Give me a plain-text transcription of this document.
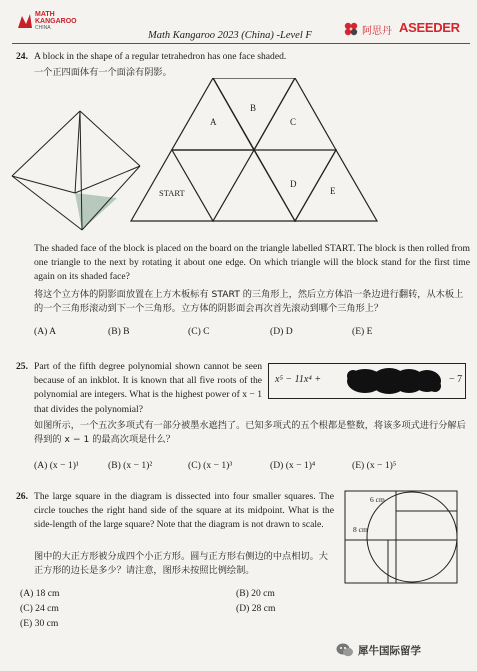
MATH
KANGAROO
CHINA
Math Kangaroo 2023 (China) -Level F	阿思丹 ASEEDER
24. A block in the shape of a regular tetrahedron has one face shaded.
一个正四面体有一个面涂有阴影。
A
B
C
D
E
START
The shaded face of the block is placed on the board on the triangle labelled START. The block is then rolled from one triangle to the next by rotating it about one edge. On which triangle will the block stand for the first time again on its shaded face?
将这个立方体的阴影面放置在上方木板标有 START 的三角形上，然后立方体沿一条边进行翻转，从木板上的一个三角形滚动到下一个三角形。立方体的阴影面会再次首先滚动到哪个三角形上？
(A) A	(B) B	(C) C	(D) D	(E) E
25. Part of the fifth degree polynomial shown cannot be seen because of an inkblot. It is known that all five roots of the polynomial are integers. What is the highest power of x − 1 that divides the polynomial?
x⁵ − 11x⁴ +	− 7
如图所示，一个五次多项式有一部分被墨水遮挡了。已知多项式的五个根都是整数，将该多项式进行分解后得到的 x − 1 的最高次项是什么？
(A) (x − 1)¹	(B) (x − 1)²	(C) (x − 1)³	(D) (x − 1)⁴	(E) (x − 1)⁵
26. The large square in the diagram is dissected into four smaller squares. The circle touches the right hand side of the square at its midpoint. What is the side-length of the large square? Note that the diagram is not drawn to scale.
图中的大正方形被分成四个小正方形。圆与正方形右侧边的中点相切。大正方形的边长是多少？请注意，图形未按照比例绘制。
6 cm
8 cm
(A) 18 cm	(B) 20 cm
(C) 24 cm	(D) 28 cm
(E) 30 cm
犀牛国际留学
